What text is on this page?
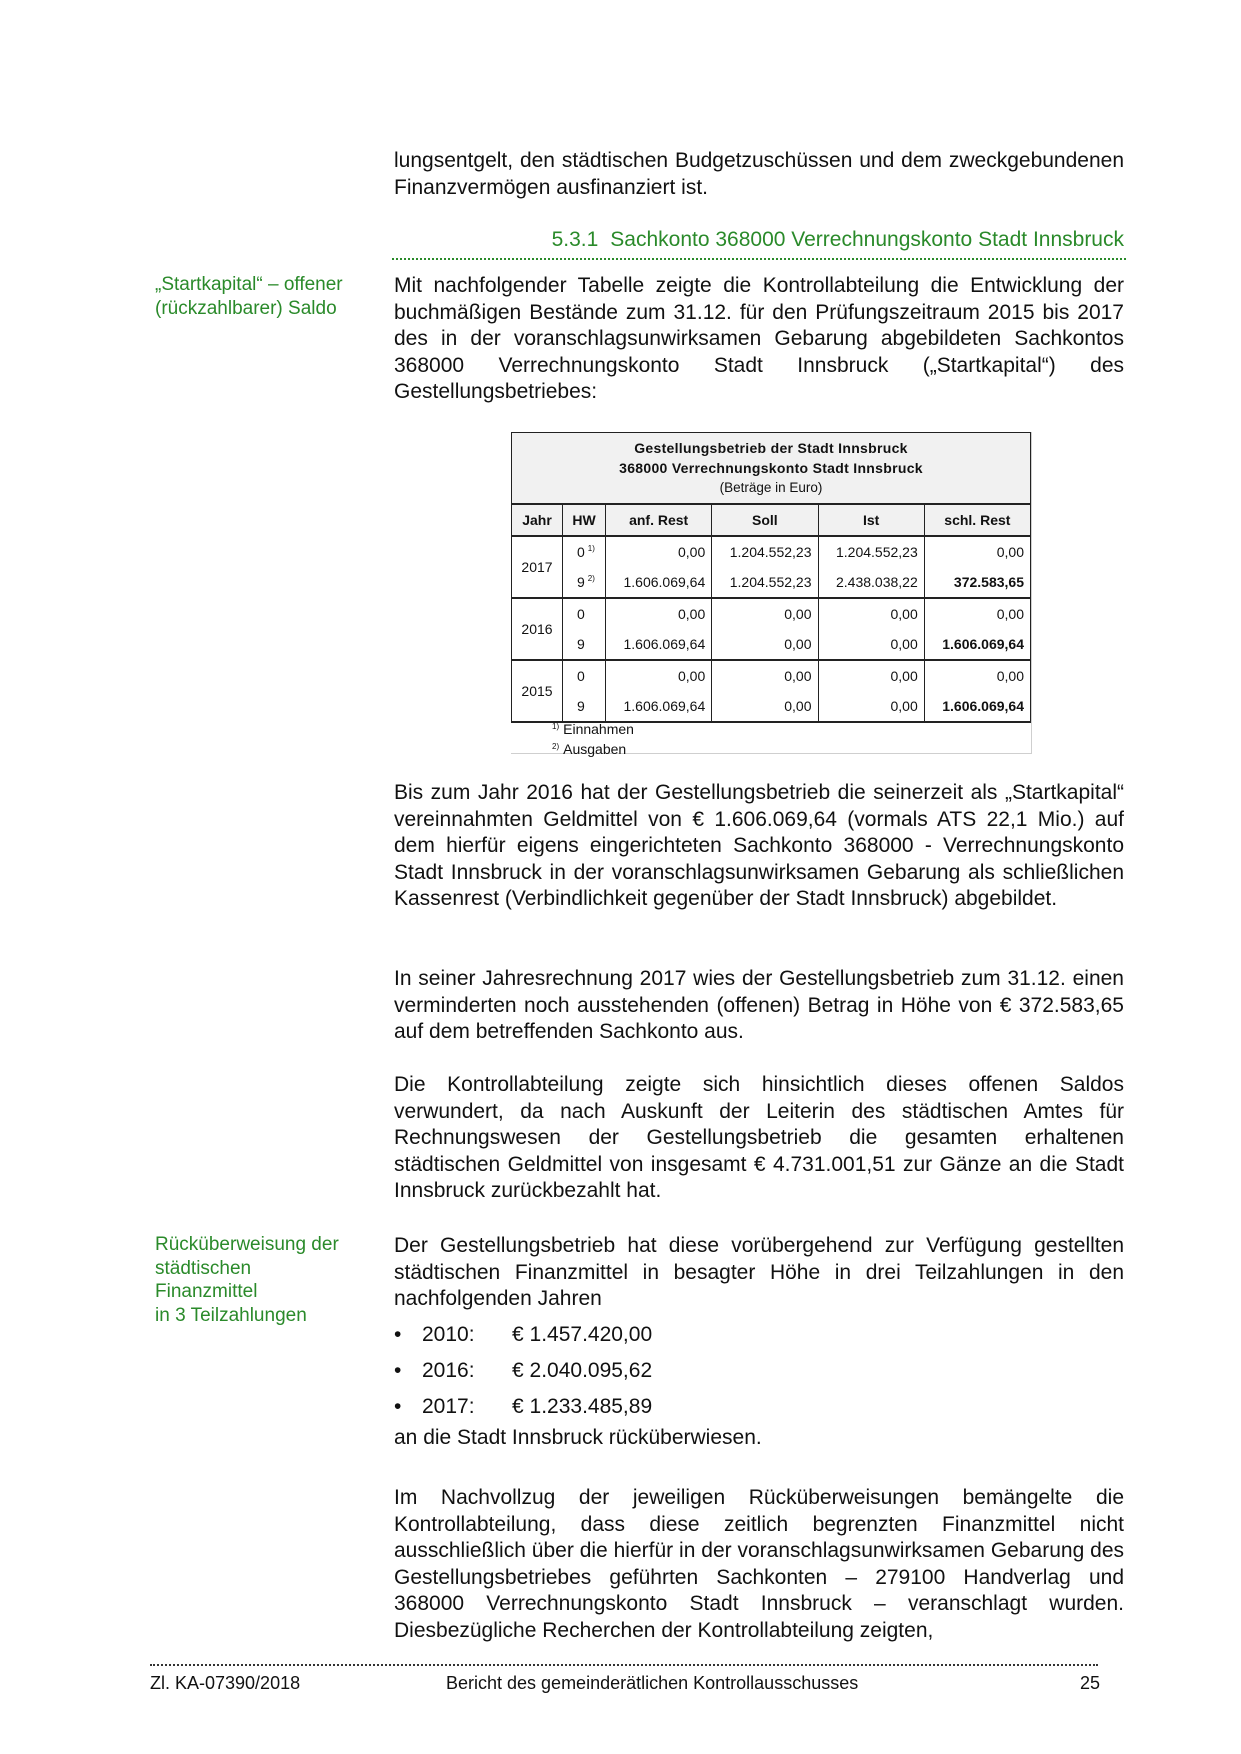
lungsentgelt, den städtischen Budgetzuschüssen und dem zweckgebundenen Finanzvermögen ausfinanziert ist.

5.3.1 Sachkonto 368000 Verrechnungskonto Stadt Innsbruck

„Startkapital“ – offener (rückzahlbarer) Saldo

Mit nachfolgender Tabelle zeigte die Kontrollabteilung die Entwicklung der buchmäßigen Bestände zum 31.12. für den Prüfungszeitraum 2015 bis 2017 des in der voranschlagsunwirksamen Gebarung abgebildeten Sachkontos 368000 Verrechnungskonto Stadt Innsbruck („Startkapital“) des Gestellungsbetriebes:

Gestellungsbetrieb der Stadt Innsbruck
368000 Verrechnungskonto Stadt Innsbruck
(Beträge in Euro)					

Jahr	HW	anf. Rest	Soll	Ist	schl. Rest
2017	0 $^{1)}$	0,00	1.204.552,23	1.204.552,23	0,00
	9 $^{2)}$	1.606.069,64	1.204.552,23	2.438.038,22	372.583,65
2016	0	0,00	0,00	0,00	0,00
	9	1.606.069,64	0,00	0,00	1.606.069,64
2015	0	0,00	0,00	0,00	0,00
	9	1.606.069,64	0,00	0,00	1.606.069,64
$^{1)}$ Einnahmen
$^{2)}$ Ausgaben

Bis zum Jahr 2016 hat der Gestellungsbetrieb die seinerzeit als „Startkapital“ vereinnahmten Geldmittel von € 1.606.069,64 (vormals ATS 22,1 Mio.) auf dem hierfür eigens eingerichteten Sachkonto 368000 - Verrechnungskonto Stadt Innsbruck in der voranschlagsunwirksamen Gebarung als schließlichen Kassenrest (Verbindlichkeit gegenüber der Stadt Innsbruck) abgebildet.

In seiner Jahresrechnung 2017 wies der Gestellungsbetrieb zum 31.12. einen verminderten noch ausstehenden (offenen) Betrag in Höhe von € 372.583,65 auf dem betreffenden Sachkonto aus.

Die Kontrollabteilung zeigte sich hinsichtlich dieses offenen Saldos verwundert, da nach Auskunft der Leiterin des städtischen Amtes für Rechnungswesen der Gestellungsbetrieb die gesamten erhaltenen städtischen Geldmittel von insgesamt € 4.731.001,51 zur Gänze an die Stadt Innsbruck zurückbezahlt hat.

Rücküberweisung der

städtischen

Finanzmittel

in 3 Teilzahlungen

Der Gestellungsbetrieb hat diese vorübergehend zur Verfügung gestellten städtischen Finanzmittel in besagter Höhe in drei Teilzahlungen in den nachfolgenden Jahren

• 2010: € 1.457.420,00
• 2016: € 2.040.095,62
• 2017: € 1.233.485,89

an die Stadt Innsbruck rücküberwiesen.

Im Nachvollzug der jeweiligen Rücküberweisungen bemängelte die Kontrollabteilung, dass diese zeitlich begrenzten Finanzmittel nicht ausschließlich über die hierfür in der voranschlagsunwirksamen Gebarung des Gestellungsbetriebes geführten Sachkonten – 279100 Handverlag und 368000 Verrechnungskonto Stadt Innsbruck – veranschlagt wurden. Diesbezügliche Recherchen der Kontrollabteilung zeigten,

Zl. KA-07390/2018	Bericht des gemeinderätlichen Kontrollausschusses	25
